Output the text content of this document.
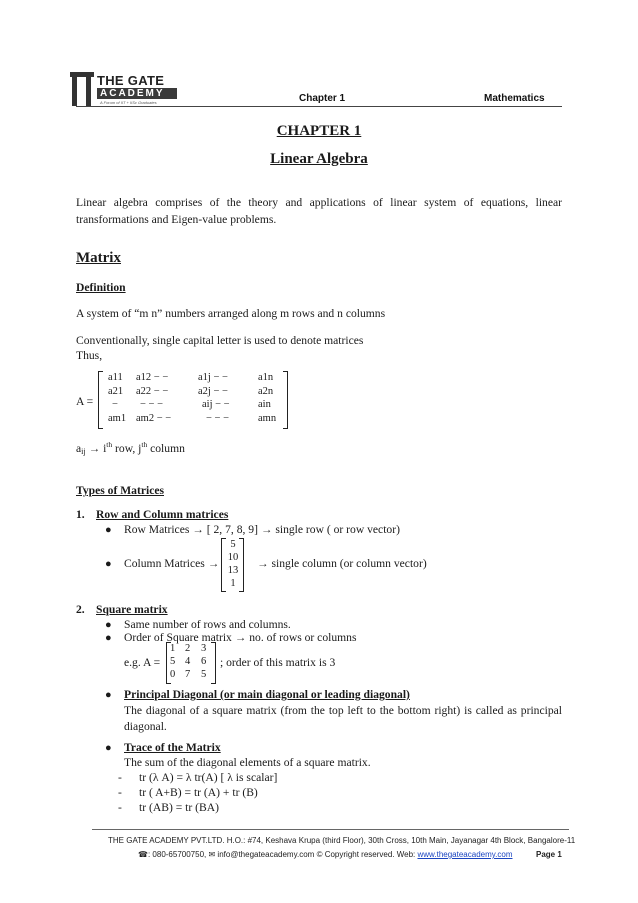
THE GATE
ACADEMY
A Forum of IIT + IISc Graduates	Chapter 1	Mathematics
CHAPTER 1
Linear Algebra
Linear algebra comprises of the theory and applications of linear system of equations, linear transformations and Eigen-value problems.
Matrix
Definition
A system of “m n” numbers arranged along m rows and n columns
Conventionally, single capital letter is used to denote matrices
Thus,
A =
a11 a12 − −	a1j − −	a1n
a21 a22 − −	a2j − −	a2n
− − − −	aij − −	ain
am1 am2 − −	− − −	amn
$a_{ij} \to i^{th}$ row, $j^{th}$ column
Types of Matrices
1. Row and Column matrices
● Row Matrices → [ 2, 7, 8, 9] → single row ( or row vector)
● Column Matrices →
5
10
13
1
→ single column (or column vector)
2. Square matrix
● Same number of rows and columns.
● Order of Square matrix → no. of rows or columns
e.g. A =
1 2 3
5 4 6
0 7 5
; order of this matrix is 3
● Principal Diagonal (or main diagonal or leading diagonal)
The diagonal of a square matrix (from the top left to the bottom right) is called as principal diagonal.
● Trace of the Matrix
The sum of the diagonal elements of a square matrix.
- tr (λ A) = λ tr(A) [ λ is scalar]
- tr ( A+B) = tr (A) + tr (B)
- tr (AB) = tr (BA)
THE GATE ACADEMY PVT.LTD. H.O.: #74, Keshava Krupa (third Floor), 30th Cross, 10th Main, Jayanagar 4th Block, Bangalore-11
☎: 080-65700750, ✉ info@thegateacademy.com © Copyright reserved. Web: www.thegateacademy.com	Page 1
